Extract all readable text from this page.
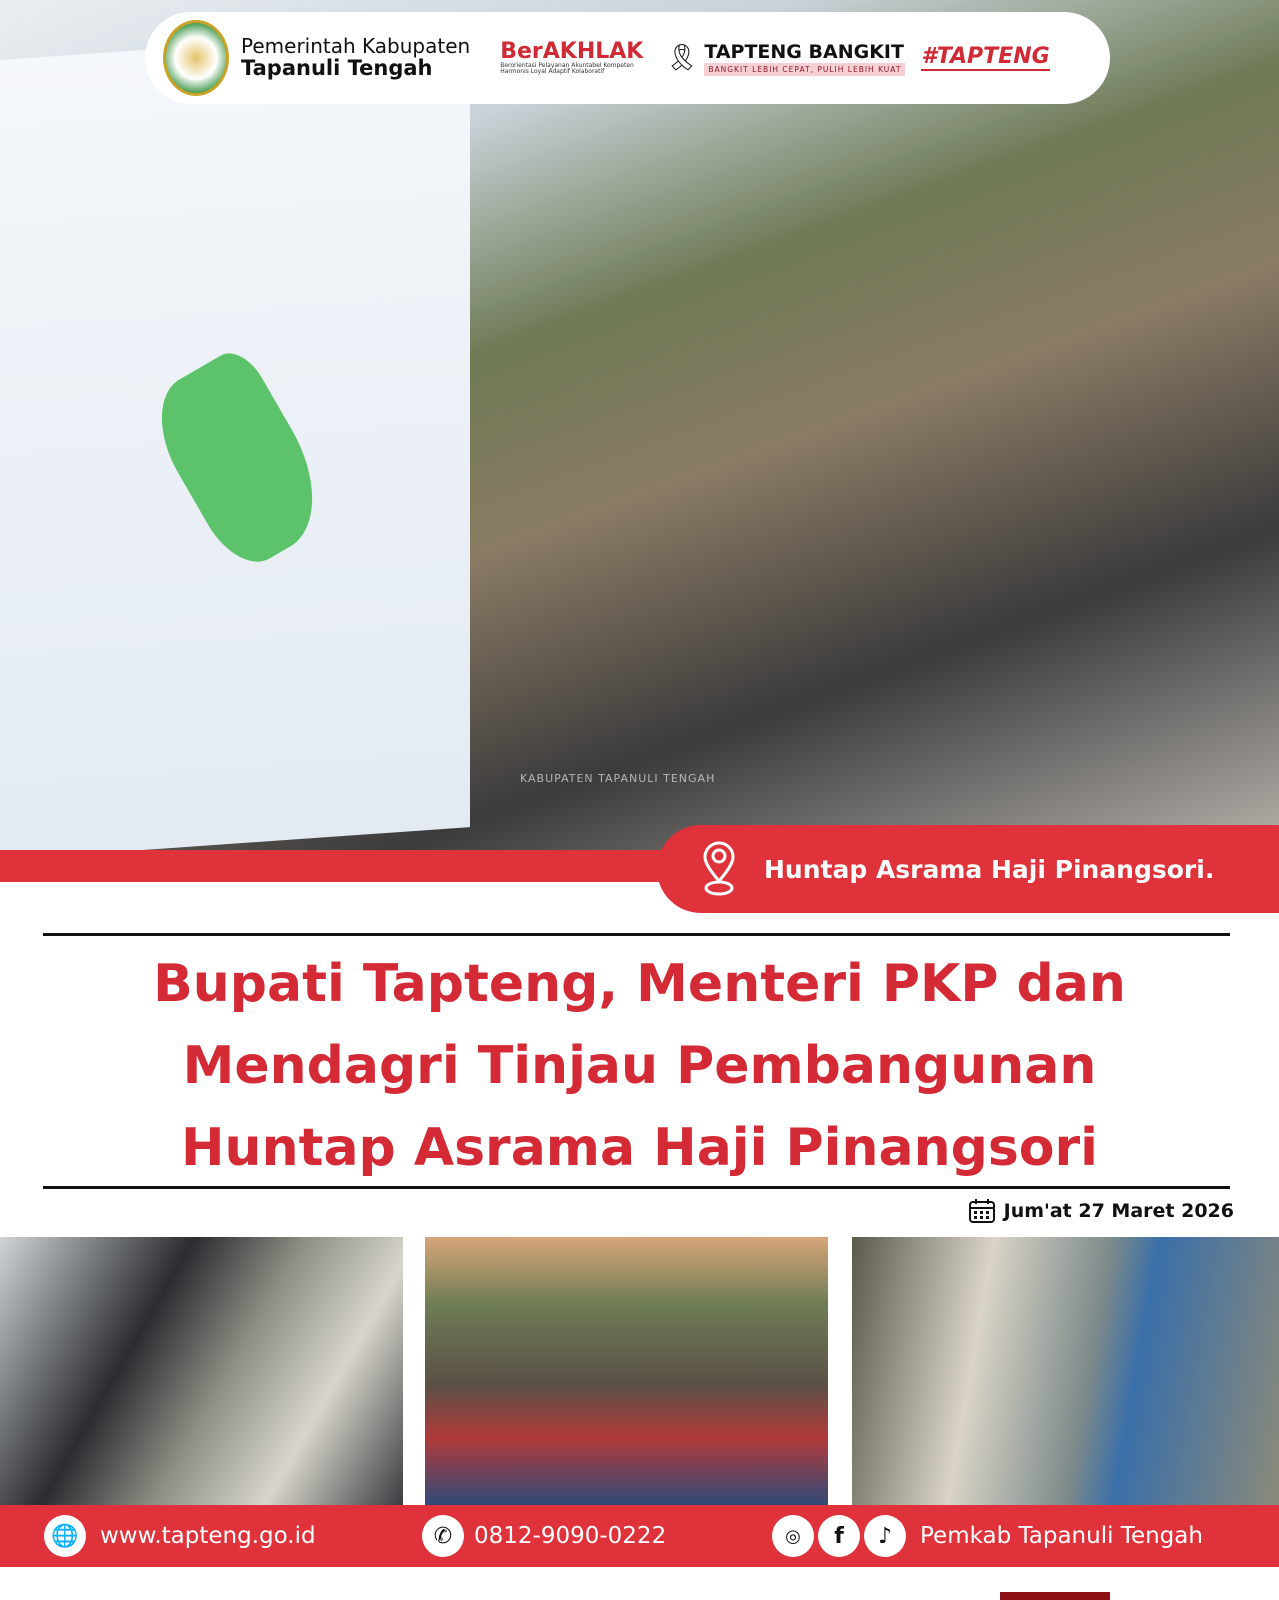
KABUPATEN TAPANULI TENGAH
Pemerintah Kabupaten
Tapanuli Tengah
BerAKHLAK
Berorientasi Pelayanan Akuntabel Kompeten Harmonis Loyal Adaptif Kolaboratif	🎗 TAPTENG BANGKIT
BANGKIT LEBIH CEPAT, PULIH LEBIH KUAT
#TAPTENG
Huntap Asrama Haji Pinangsori.
Bupati Tapteng, Menteri PKP dan
Mendagri Tinjau Pembangunan
Huntap Asrama Haji Pinangsori
Jum'at 27 Maret 2026
🌐 www.tapteng.go.id	✆ 0812-9090-0222	◎	f	♪	Pemkab Tapanuli Tengah
